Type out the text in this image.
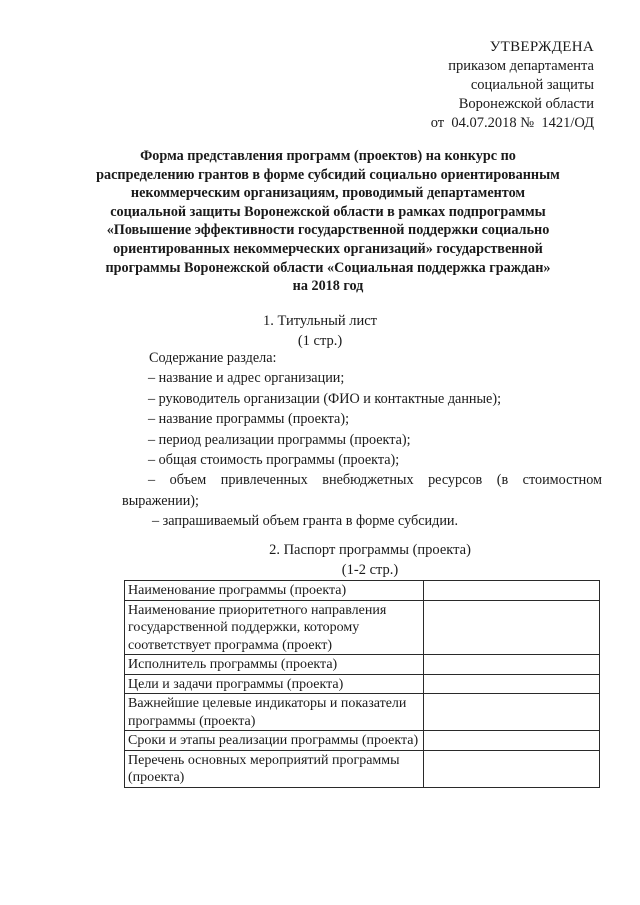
УТВЕРЖДЕНА
приказом департамента
социальной защиты
Воронежской области
от  04.07.2018 №  1421/ОД
Форма представления программ (проектов) на конкурс по
распределению грантов в форме субсидий социально ориентированным
некоммерческим организациям, проводимый департаментом
социальной защиты Воронежской области в рамках подпрограммы
«Повышение эффективности государственной поддержки социально
ориентированных некоммерческих организаций» государственной
программы Воронежской области «Социальная поддержка граждан»
на 2018 год
1. Титульный лист
(1 стр.)
Содержание раздела:
– название и адрес организации;
– руководитель организации (ФИО и контактные данные);
– название программы (проекта);
– период реализации программы (проекта);
– общая стоимость программы (проекта);
– объем привлеченных внебюджетных ресурсов (в стоимостном
выражении);
– запрашиваемый объем гранта в форме субсидии.
2. Паспорт программы (проекта)
(1-2 стр.)
Наименование программы (проекта)	
Наименование приоритетного направления государственной поддержки, которому соответствует программа (проект)	
Исполнитель программы (проекта)	
Цели и задачи программы (проекта)	
Важнейшие целевые индикаторы и показатели программы (проекта)	
Сроки и этапы реализации программы (проекта)	
Перечень основных мероприятий программы (проекта)	
